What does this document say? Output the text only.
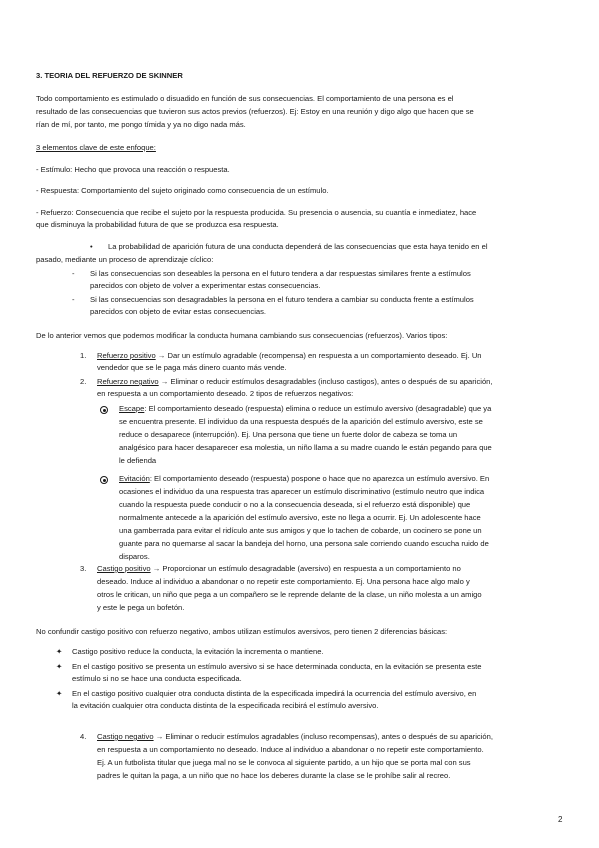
3. TEORIA DEL REFUERZO DE SKINNER
Todo comportamiento es estimulado o disuadido en función de sus consecuencias. El comportamiento de una persona es el
resultado de las consecuencias que tuvieron sus actos previos (refuerzos). Ej: Estoy en una reunión y digo algo que hacen que se
rían de mí, por tanto, me pongo tímida y ya no digo nada más.
3 elementos clave de este enfoque:
- Estímulo: Hecho que provoca una reacción o respuesta.
- Respuesta: Comportamiento del sujeto originado como consecuencia de un estímulo.
- Refuerzo: Consecuencia que recibe el sujeto por la respuesta producida. Su presencia o ausencia, su cuantía e inmediatez, hace
que disminuya la probabilidad futura de que se produzca esa respuesta.
• La probabilidad de aparición futura de una conducta dependerá de las consecuencias que esta haya tenido en el
pasado, mediante un proceso de aprendizaje cíclico:
- Si las consecuencias son deseables la persona en el futuro tendera a dar respuestas similares frente a estímulos
parecidos con objeto de volver a experimentar estas consecuencias.
- Si las consecuencias son desagradables la persona en el futuro tendera a cambiar su conducta frente a estímulos
parecidos con objeto de evitar estas consecuencias.
De lo anterior vemos que podemos modificar la conducta humana cambiando sus consecuencias (refuerzos). Varios tipos:
1. Refuerzo positivo → Dar un estímulo agradable (recompensa) en respuesta a un comportamiento deseado. Ej. Un
vendedor que se le paga más dinero cuanto más vende.
2. Refuerzo negativo → Eliminar o reducir estímulos desagradables (incluso castigos), antes o después de su aparición,
en respuesta a un comportamiento deseado. 2 tipos de refuerzos negativos:
Escape: El comportamiento deseado (respuesta) elimina o reduce un estímulo aversivo (desagradable) que ya
se encuentra presente. El individuo da una respuesta después de la aparición del estímulo aversivo, este se
reduce o desaparece (interrupción). Ej. Una persona que tiene un fuerte dolor de cabeza se toma un
analgésico para hacer desaparecer esa molestia, un niño llama a su madre cuando le están pegando para que
le defienda
Evitación: El comportamiento deseado (respuesta) pospone o hace que no aparezca un estímulo aversivo. En
ocasiones el individuo da una respuesta tras aparecer un estímulo discriminativo (estímulo neutro que indica
cuando la respuesta puede conducir o no a la consecuencia deseada, si el refuerzo está disponible) que
normalmente antecede a la aparición del estímulo aversivo, este no llega a ocurrir. Ej. Un adolescente hace
una gamberrada para evitar el ridículo ante sus amigos y que lo tachen de cobarde, un cocinero se pone un
guante para no quemarse al sacar la bandeja del horno, una persona sale corriendo cuando escucha ruido de
disparos.
3. Castigo positivo → Proporcionar un estímulo desagradable (aversivo) en respuesta a un comportamiento no
deseado. Induce al individuo a abandonar o no repetir este comportamiento. Ej. Una persona hace algo malo y
otros le critican, un niño que pega a un compañero se le reprende delante de la clase, un niño molesta a un amigo
y este le pega un bofetón.
No confundir castigo positivo con refuerzo negativo, ambos utilizan estímulos aversivos, pero tienen 2 diferencias básicas:
✦ Castigo positivo reduce la conducta, la evitación la incrementa o mantiene.
✦ En el castigo positivo se presenta un estímulo aversivo si se hace determinada conducta, en la evitación se presenta este
estímulo si no se hace una conducta especificada.
✦ En el castigo positivo cualquier otra conducta distinta de la especificada impedirá la ocurrencia del estímulo aversivo, en
la evitación cualquier otra conducta distinta de la especificada recibirá el estímulo aversivo.
4. Castigo negativo → Eliminar o reducir estímulos agradables (incluso recompensas), antes o después de su aparición,
en respuesta a un comportamiento no deseado. Induce al individuo a abandonar o no repetir este comportamiento.
Ej. A un futbolista titular que juega mal no se le convoca al siguiente partido, a un hijo que se porta mal con sus
padres le quitan la paga, a un niño que no hace los deberes durante la clase se le prohíbe salir al recreo.
2
